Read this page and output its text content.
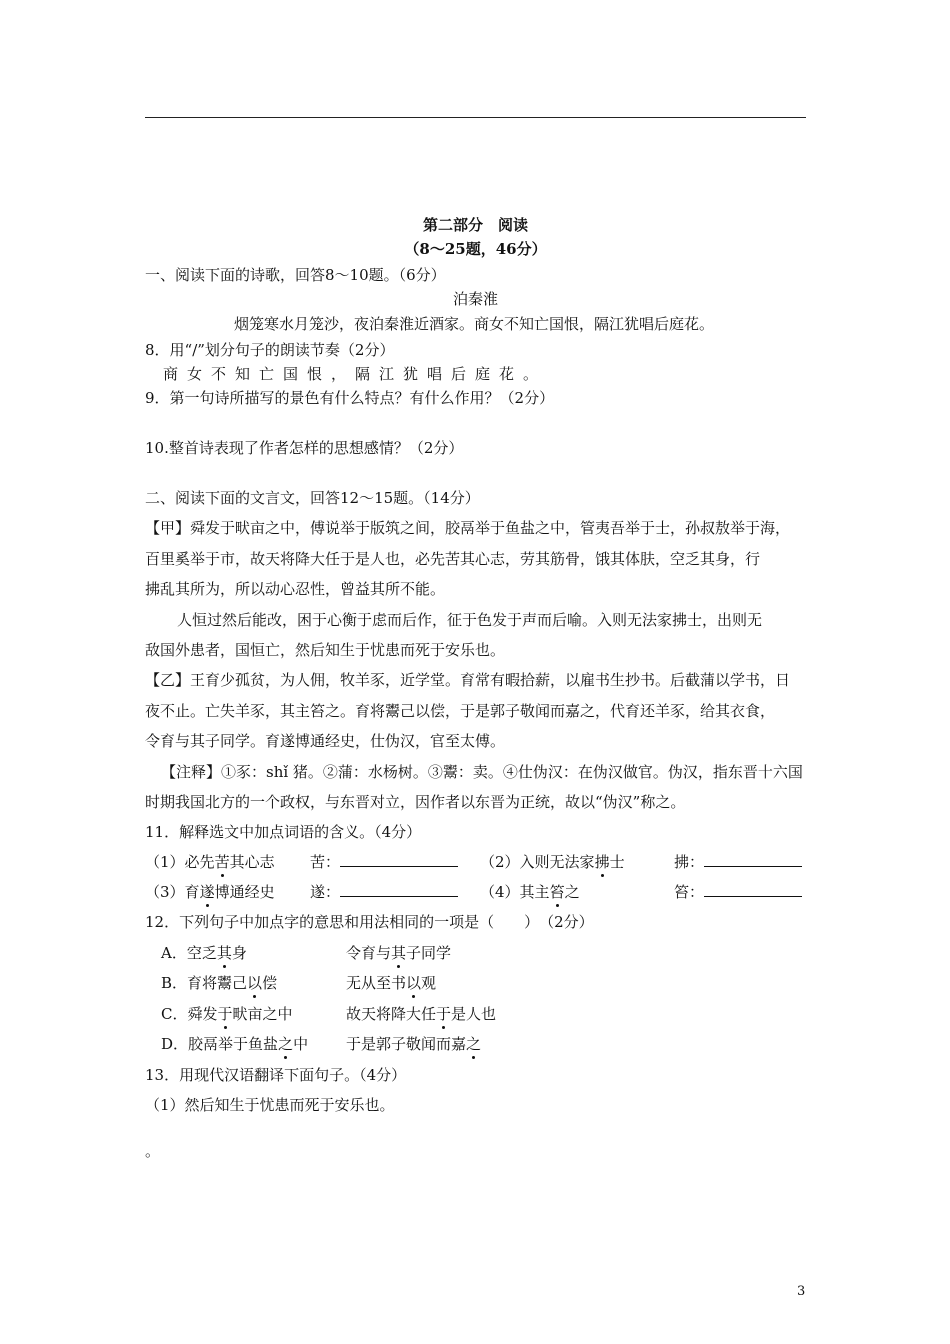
第二部分　阅读
（8～25题，46分）
一、阅读下面的诗歌，回答8～10题。（6分）
泊秦淮
烟笼寒水月笼沙，夜泊秦淮近酒家。商女不知亡国恨，隔江犹唱后庭花。
8．用“/”划分句子的朗读节奏（2分）
商女不知亡国恨，隔江犹唱后庭花。
9．第一句诗所描写的景色有什么特点？有什么作用？（2分）
10.整首诗表现了作者怎样的思想感情？（2分）
二、阅读下面的文言文，回答12～15题。（14分）
【甲】舜发于畎亩之中，傅说举于版筑之间，胶鬲举于鱼盐之中，管夷吾举于士，孙叔敖举于海，
百里奚举于市，故天将降大任于是人也，必先苦其心志，劳其筋骨，饿其体肤，空乏其身，行
拂乱其所为，所以动心忍性，曾益其所不能。
人恒过然后能改，困于心衡于虑而后作，征于色发于声而后喻。入则无法家拂士，出则无
敌国外患者，国恒亡，然后知生于忧患而死于安乐也。
【乙】王育少孤贫，为人佣，牧羊豕，近学堂。育常有暇拾薪，以雇书生抄书。后截蒲以学书，日
夜不止。亡失羊豕，其主笞之。育将鬻己以偿，于是郭子敬闻而嘉之，代育还羊豕，给其衣食，
令育与其子同学。育遂博通经史，仕伪汉，官至太傅。
【注释】①豕：shǐ 猪。②蒲：水杨树。③鬻：卖。④仕伪汉：在伪汉做官。伪汉，指东晋十六国
时期我国北方的一个政权，与东晋对立，因作者以东晋为正统，故以“伪汉”称之。
11．解释选文中加点词语的含义。（4分）
（1）必先苦其心志 苦：	（2）入则无法家拂士	拂：
（3）育遂博通经史 遂：	（4）其主笞之	笞：
12．下列句子中加点字的意思和用法相同的一项是（　　）　（2分）
A．空乏其身	令育与其子同学
B．育将鬻己以偿	无从至书以观
C．舜发于畎亩之中	故天将降大任于是人也
D．胶鬲举于鱼盐之中	于是郭子敬闻而嘉之
13．用现代汉语翻译下面句子。（4分）
（1）然后知生于忧患而死于安乐也。
。
3
